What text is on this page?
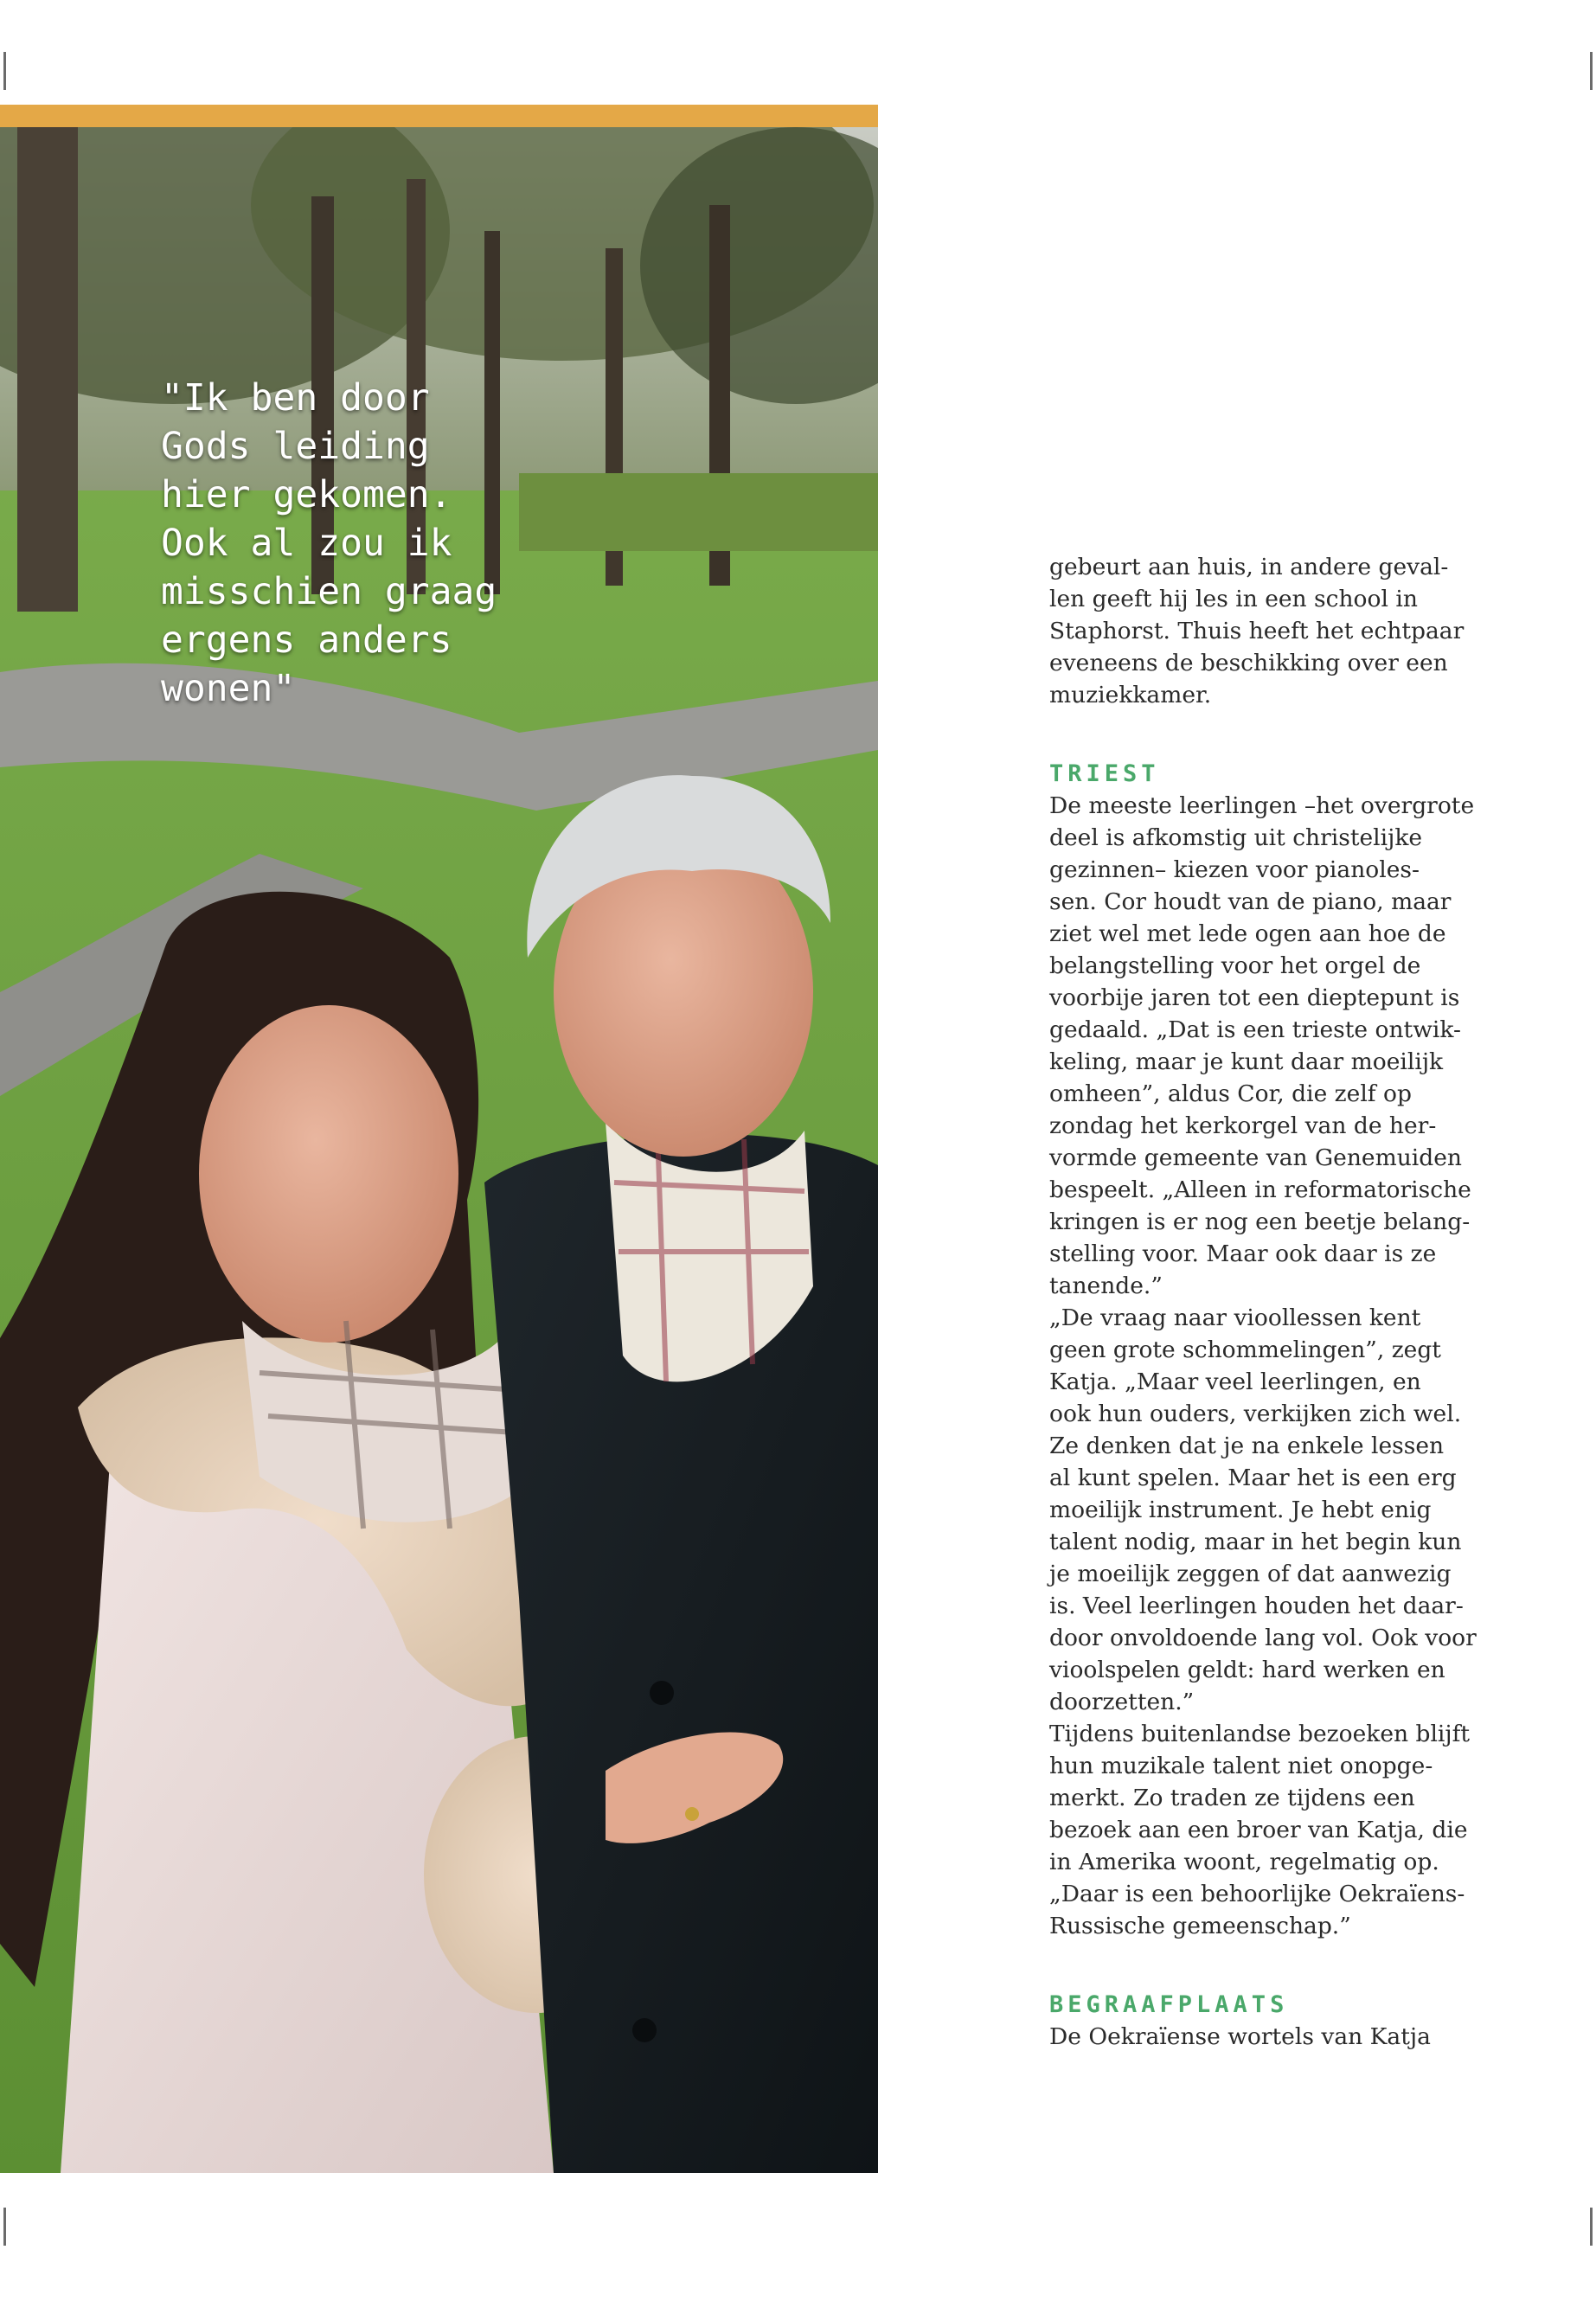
"Ik ben door
Gods leiding
hier gekomen.
Ook al zou ik
misschien graag
ergens anders
wonen"

gebeurt aan huis, in andere geval-
len geeft hij les in een school in
Staphorst. Thuis heeft het echtpaar
eveneens de beschikking over een
muziekkamer.

TRIEST

De meeste leerlingen –het overgrote
deel is afkomstig uit christelijke
gezinnen– kiezen voor pianoles-
sen. Cor houdt van de piano, maar
ziet wel met lede ogen aan hoe de
belangstelling voor het orgel de
voorbije jaren tot een dieptepunt is
gedaald. „Dat is een trieste ontwik-
keling, maar je kunt daar moeilijk
omheen”, aldus Cor, die zelf op
zondag het kerkorgel van de her-
vormde gemeente van Genemuiden
bespeelt. „Alleen in reformatorische
kringen is er nog een beetje belang-
stelling voor. Maar ook daar is ze
tanende.”

„De vraag naar vioollessen kent
geen grote schommelingen”, zegt
Katja. „Maar veel leerlingen, en
ook hun ouders, verkijken zich wel.
Ze denken dat je na enkele lessen
al kunt spelen. Maar het is een erg
moeilijk instrument. Je hebt enig
talent nodig, maar in het begin kun
je moeilijk zeggen of dat aanwezig
is. Veel leerlingen houden het daar-
door onvoldoende lang vol. Ook voor
vioolspelen geldt: hard werken en
doorzetten.”

Tijdens buitenlandse bezoeken blijft
hun muzikale talent niet onopge-
merkt. Zo traden ze tijdens een
bezoek aan een broer van Katja, die
in Amerika woont, regelmatig op.
„Daar is een behoorlijke Oekraïens-
Russische gemeenschap.”

BEGRAAFPLAATS

De Oekraïense wortels van Katja
